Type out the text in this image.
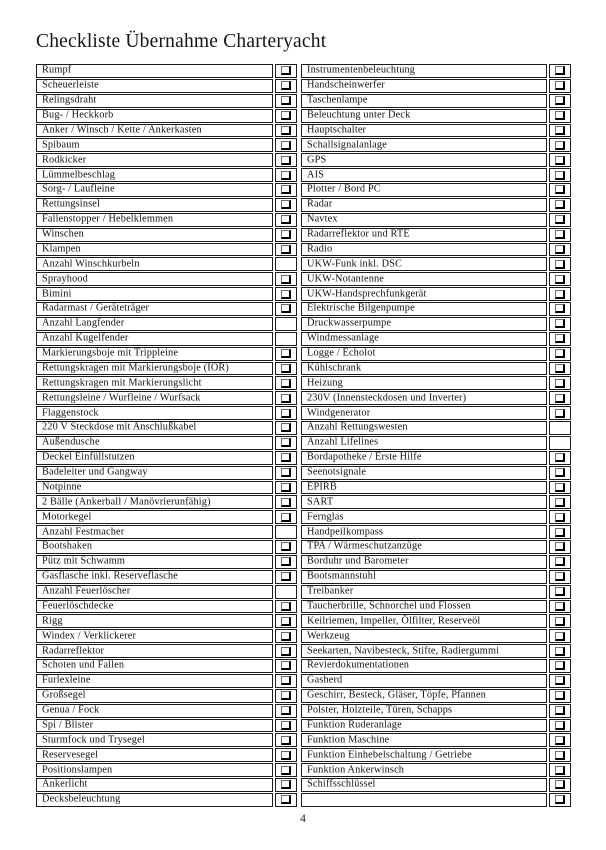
Checkliste Übernahme Charteryacht
Rumpf
Scheuerleiste
Relingsdraht
Bug- / Heckkorb
Anker / Winsch / Kette / Ankerkasten
Spibaum
Rodkicker
Lümmelbeschlag
Sorg- / Laufleine
Rettungsinsel
Fallenstopper / Hebelklemmen
Winschen
Klampen
Anzahl Winschkurbeln
Sprayhood
Bimini
Radarmast / Geräteträger
Anzahl Langfender
Anzahl Kugelfender
Markierungsboje mit Trippleine
Rettungskragen mit Markierungsboje (IOR)
Rettungskragen mit Markierungslicht
Rettungsleine / Wurfleine / Wurfsack
Flaggenstock
220 V Steckdose mit Anschlußkabel
Außendusche
Deckel Einfüllstutzen
Badeleiter und Gangway
Notpinne
2 Bälle (Ankerball / Manövrierunfähig)
Motorkegel
Anzahl Festmacher
Bootshaken
Pütz mit Schwamm
Gasflasche inkl. Reserveflasche
Anzahl Feuerlöscher
Feuerlöschdecke
Rigg
Windex / Verklickerer
Radarreflektor
Schoten und Fallen
Furlexleine
Großsegel
Genua / Fock
Spi / Blister
Sturmfock und Trysegel
Reservesegel
Positionslampen
Ankerlicht
Decksbeleuchtung
Instrumentenbeleuchtung
Handscheinwerfer
Taschenlampe
Beleuchtung unter Deck
Hauptschalter
Schallsignalanlage
GPS
AIS
Plotter / Bord PC
Radar
Navtex
Radarreflektor und RTE
Radio
UKW-Funk inkl. DSC
UKW-Notantenne
UKW-Handsprechfunkgerät
Elektrische Bilgenpumpe
Druckwasserpumpe
Windmessanlage
Logge / Echolot
Kühlschrank
Heizung
230V (Innensteckdosen und Inverter)
Windgenerator
Anzahl Rettungswesten
Anzahl Lifelines
Bordapotheke / Erste Hilfe
Seenotsignale
EPIRB
SART
Fernglas
Handpeilkompass
TPA / Wärmeschutzanzüge
Borduhr und Barometer
Bootsmannstuhl
Treibanker
Taucherbrille, Schnorchel und Flossen
Keilriemen, Impeller, Ölfilter, Reserveöl
Werkzeug
Seekarten, Navibesteck, Stifte, Radiergummi
Revierdokumentationen
Gasherd
Geschirr, Besteck, Gläser, Töpfe, Pfannen
Polster, Holzteile, Türen, Schapps
Funktion Ruderanlage
Funktion Maschine
Funktion Einhebelschaltung / Getriebe
Funktion Ankerwinsch
Schiffsschlüssel
4
